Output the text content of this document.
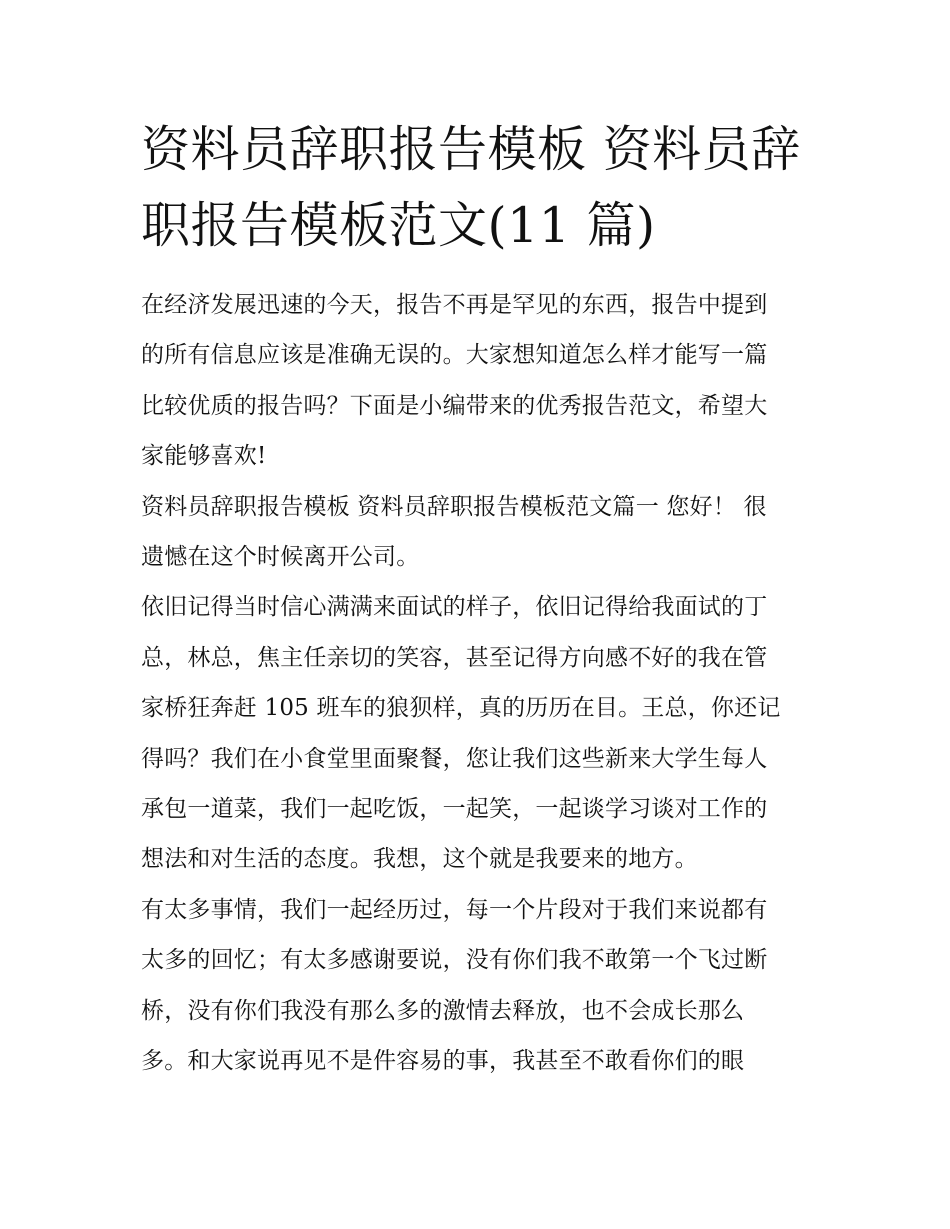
资料员辞职报告模板 资料员辞
职报告模板范文(11 篇)

在经济发展迅速的今天，报告不再是罕见的东西，报告中提到
的所有信息应该是准确无误的。大家想知道怎么样才能写一篇
比较优质的报告吗？下面是小编带来的优秀报告范文，希望大
家能够喜欢!

资料员辞职报告模板 资料员辞职报告模板范文篇一 您好！ 很
遗憾在这个时候离开公司。

依旧记得当时信心满满来面试的样子，依旧记得给我面试的丁
总，林总，焦主任亲切的笑容，甚至记得方向感不好的我在管
家桥狂奔赶 105 班车的狼狈样，真的历历在目。王总，你还记
得吗？我们在小食堂里面聚餐，您让我们这些新来大学生每人
承包一道菜，我们一起吃饭，一起笑，一起谈学习谈对工作的
想法和对生活的态度。我想，这个就是我要来的地方。

有太多事情，我们一起经历过，每一个片段对于我们来说都有
太多的回忆；有太多感谢要说，没有你们我不敢第一个飞过断
桥，没有你们我没有那么多的激情去释放，也不会成长那么
多。和大家说再见不是件容易的事，我甚至不敢看你们的眼
